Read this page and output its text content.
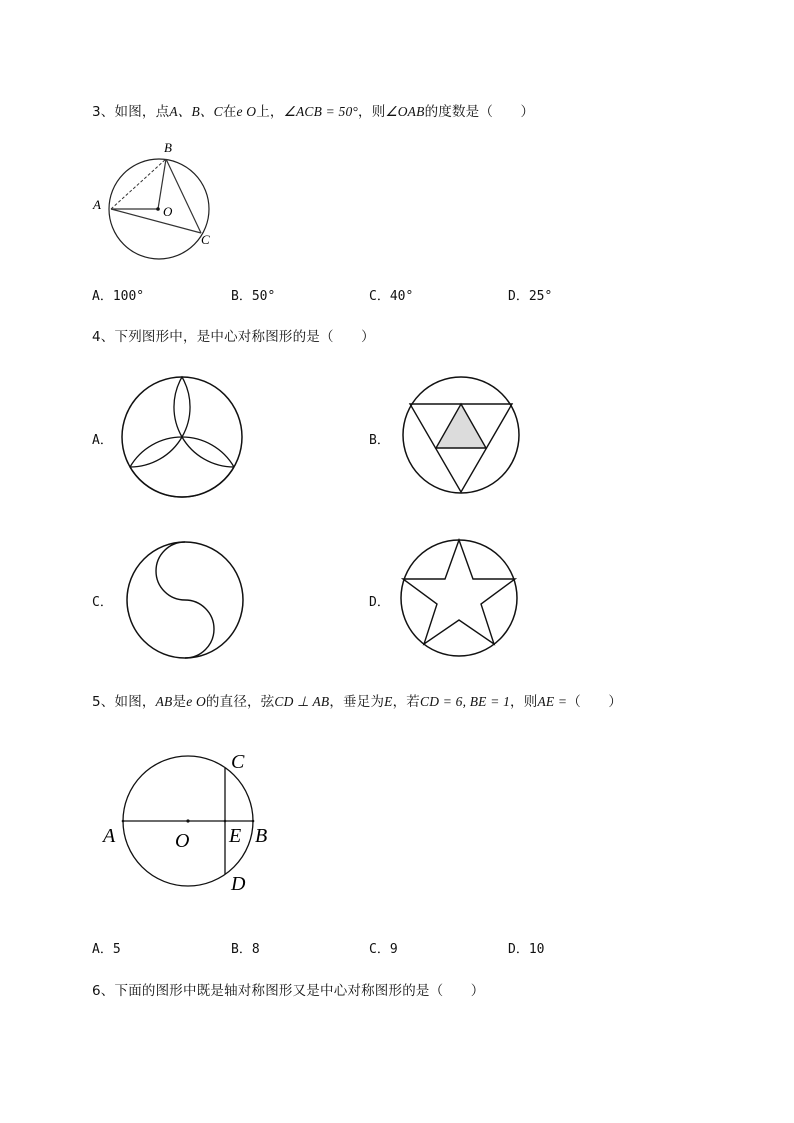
3、如图，点A、B、C在e O上，∠ACB = 50°，则∠OAB的度数是（　　）
B
A	O
C
A．100°	B．50°	C．40°	D．25°
4、下列图形中，是中心对称图形的是（　　）
A．	B．
C．	D．
5、如图，AB是e O的直径，弦CD ⊥ AB，垂足为E，若CD = 6, BE = 1，则AE =（　　）
C
A	O E B
D
A．5	B．8	C．9	D．10
6、下面的图形中既是轴对称图形又是中心对称图形的是（　　）
